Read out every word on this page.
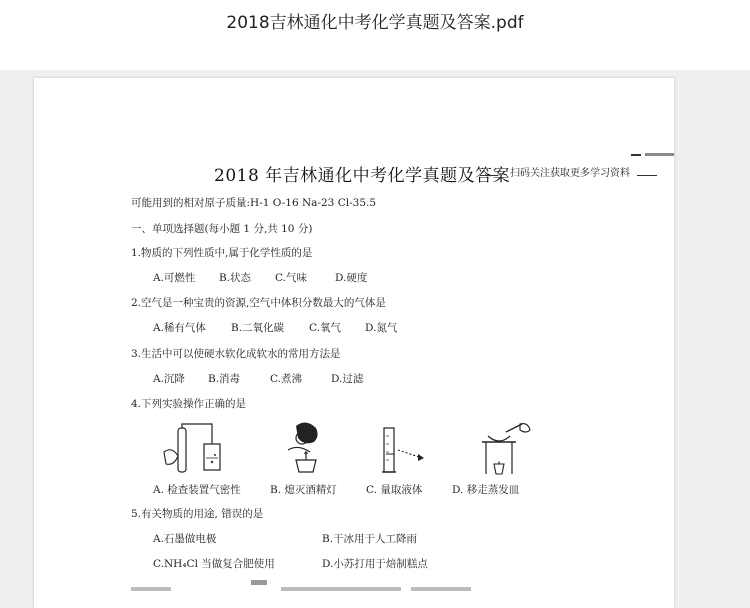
2018吉林通化中考化学真题及答案.pdf
2018 年吉林通化中考化学真题及答案 扫码关注获取更多学习资料
可能用到的相对原子质量:H-1 O-16 Na-23 Cl-35.5
一、单项选择题(每小题 1 分,共 10 分)
1.物质的下列性质中,属于化学性质的是
A.可燃性 B.状态 C.气味	D.硬度
2.空气是一种宝贵的资源,空气中体积分数最大的气体是
A.稀有气体 B.二氧化碳 C.氧气 D.氮气
3.生活中可以使硬水软化成软水的常用方法是
A.沉降 B.消毒	C.煮沸	D.过滤
4.下列实验操作正确的是
A. 检查装置气密性	B. 熄灭酒精灯	C. 量取液体	D. 移走蒸发皿
5.有关物质的用途, 错误的是
A.石墨做电极	B.干冰用于人工降雨
C.NH₄Cl 当做复合肥使用	D.小苏打用于焙制糕点
